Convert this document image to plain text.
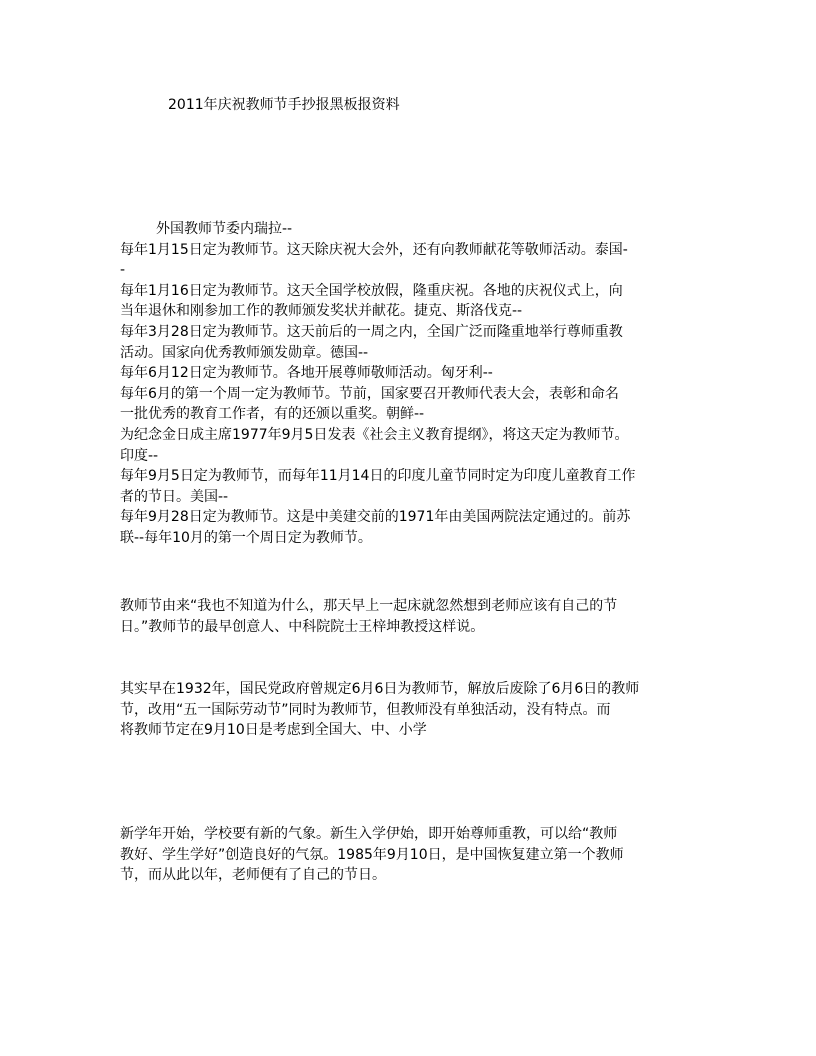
2011年庆祝教师节手抄报黑板报资料
外国教师节委内瑞拉--
每年1月15日定为教师节。这天除庆祝大会外，还有向教师献花等敬师活动。泰国-
-
每年1月16日定为教师节。这天全国学校放假，隆重庆祝。各地的庆祝仪式上，向
当年退休和刚参加工作的教师颁发奖状并献花。捷克、斯洛伐克--
每年3月28日定为教师节。这天前后的一周之内，全国广泛而隆重地举行尊师重教
活动。国家向优秀教师颁发勋章。德国--
每年6月12日定为教师节。各地开展尊师敬师活动。匈牙利--
每年6月的第一个周一定为教师节。节前，国家要召开教师代表大会，表彰和命名
一批优秀的教育工作者，有的还颁以重奖。朝鲜--
为纪念金日成主席1977年9月5日发表《社会主义教育提纲》，将这天定为教师节。
印度--
每年9月5日定为教师节，而每年11月14日的印度儿童节同时定为印度儿童教育工作
者的节日。美国--
每年9月28日定为教师节。这是中美建交前的1971年由美国两院法定通过的。前苏
联--每年10月的第一个周日定为教师节。
教师节由来“我也不知道为什么，那天早上一起床就忽然想到老师应该有自己的节
日。”教师节的最早创意人、中科院院士王梓坤教授这样说。
其实早在1932年，国民党政府曾规定6月6日为教师节，解放后废除了6月6日的教师
节，改用“五一国际劳动节”同时为教师节，但教师没有单独活动，没有特点。而
将教师节定在9月10日是考虑到全国大、中、小学
新学年开始，学校要有新的气象。新生入学伊始，即开始尊师重教，可以给“教师
教好、学生学好”创造良好的气氛。1985年9月10日，是中国恢复建立第一个教师
节，而从此以年，老师便有了自己的节日。
